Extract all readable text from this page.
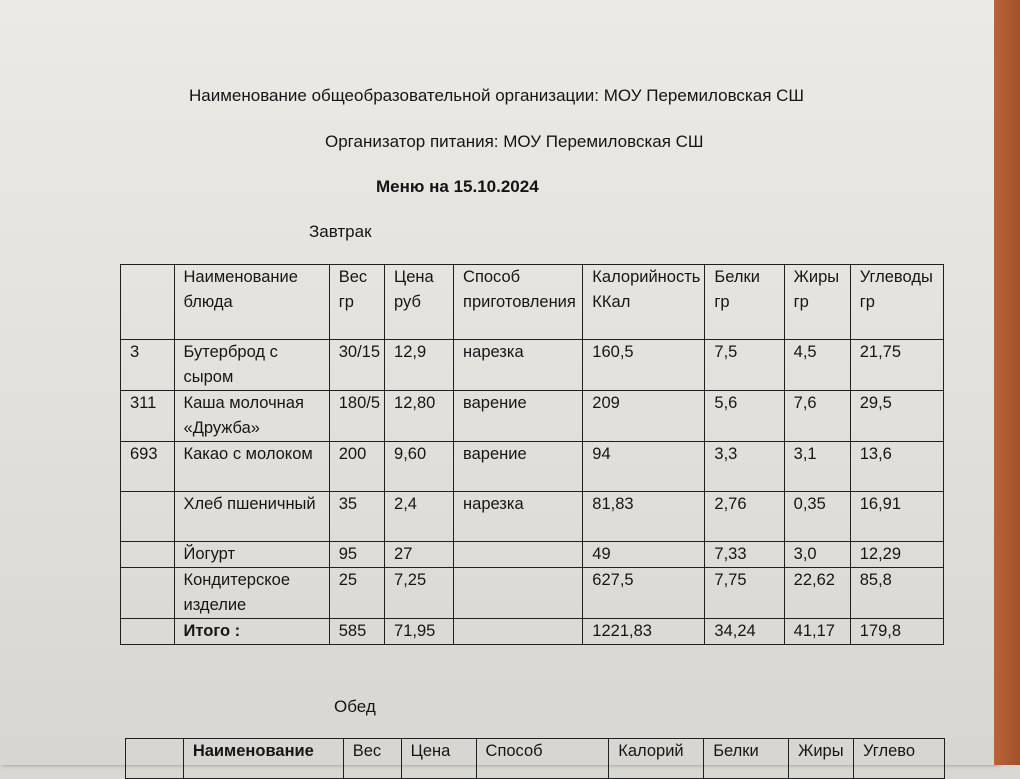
Наименование общеобразовательной организации: МОУ Перемиловская СШ
Организатор питания: МОУ Перемиловская СШ
Меню на 15.10.2024
Завтрак
	Наименование блюда	Вес гр	Цена руб	Способ приготовления	Калорийность ККал	Белки гр	Жиры гр	Углеводы гр
3	Бутерброд с сыром	30/15	12,9	нарезка	160,5	7,5	4,5	21,75
311	Каша молочная «Дружба»	180/5	12,80	варение	209	5,6	7,6	29,5
693	Какао с молоком	200	9,60	варение	94	3,3	3,1	13,6
	Хлеб пшеничный	35	2,4	нарезка	81,83	2,76	0,35	16,91
	Йогурт	95	27		49	7,33	3,0	12,29
	Кондитерское изделие	25	7,25		627,5	7,75	22,62	85,8
	Итого :	585	71,95		1221,83	34,24	41,17	179,8
Обед
	Наименование	Вес	Цена	Способ	Калорий	Белки	Жиры	Углево
